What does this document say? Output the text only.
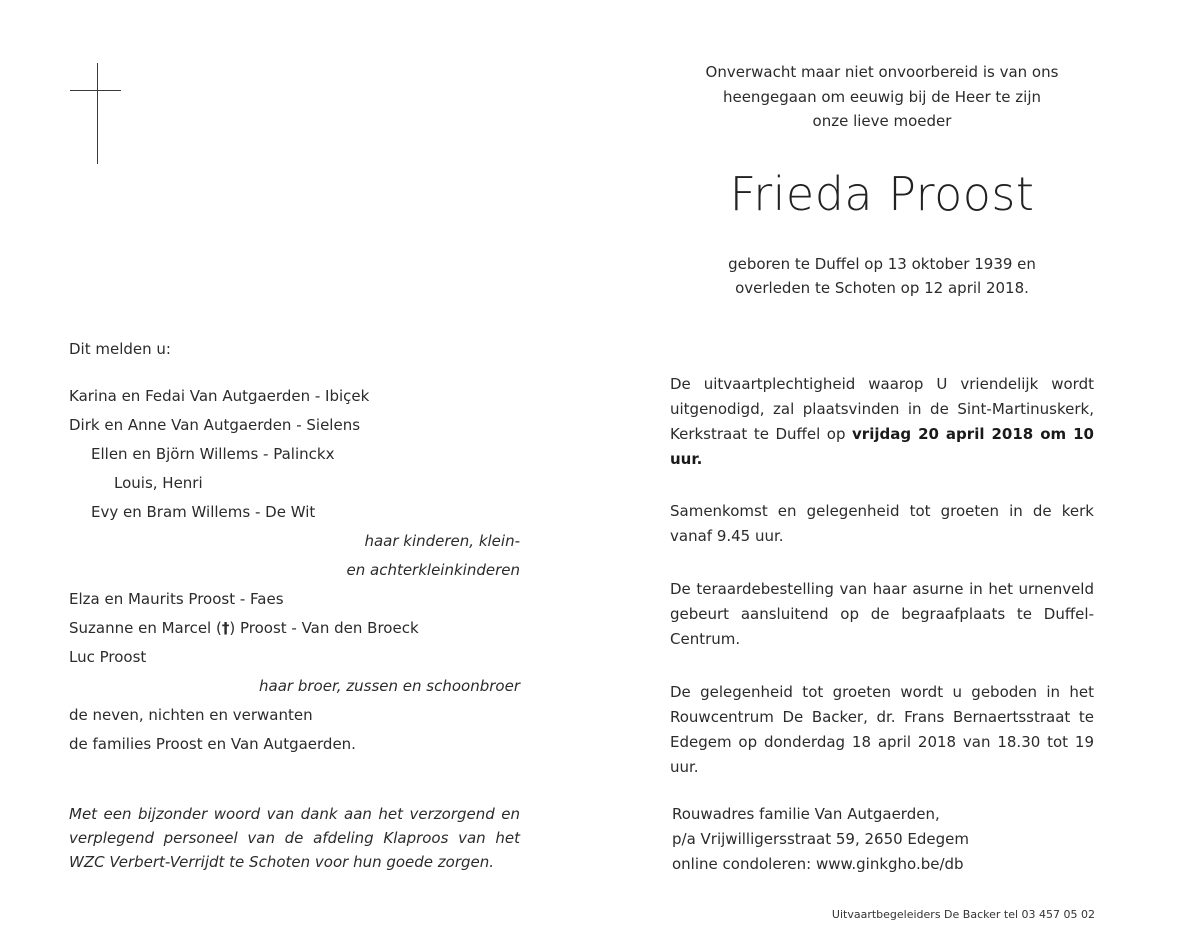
Onverwacht maar niet onvoorbereid is van ons
heengegaan om eeuwig bij de Heer te zijn
onze lieve moeder
Frieda Proost
geboren te Duffel op 13 oktober 1939 en
overleden te Schoten op 12 april 2018.
Dit melden u:
Karina en Fedai Van Autgaerden - Ibiçek
Dirk en Anne Van Autgaerden - Sielens
Ellen en Björn Willems - Palinckx
Louis, Henri
Evy en Bram Willems - De Wit
haar kinderen, klein-
en achterkleinkinderen
Elza en Maurits Proost - Faes
Suzanne en Marcel (†) Proost - Van den Broeck
Luc Proost
haar broer, zussen en schoonbroer
de neven, nichten en verwanten
de families Proost en Van Autgaerden.
Met een bijzonder woord van dank aan het verzorgend en verplegend personeel van de afdeling Klaproos van het WZC Verbert-Verrijdt te Schoten voor hun goede zorgen.

De uitvaartplechtigheid waarop U vriendelijk wordt uitgenodigd, zal plaatsvinden in de Sint-Martinuskerk, Kerkstraat te Duffel op vrijdag 20 april 2018 om 10 uur.

Samenkomst en gelegenheid tot groeten in de kerk vanaf 9.45 uur.

De teraardebestelling van haar asurne in het urnenveld gebeurt aansluitend op de begraafplaats te Duffel-Centrum.

De gelegenheid tot groeten wordt u geboden in het Rouwcentrum De Backer, dr. Frans Bernaertsstraat te Edegem op donderdag 18 april 2018 van 18.30 tot 19 uur.

Rouwadres familie Van Autgaerden,
p/a Vrijwilligersstraat 59, 2650 Edegem
online condoleren: www.ginkgho.be/db
Uitvaartbegeleiders De Backer tel 03 457 05 02
